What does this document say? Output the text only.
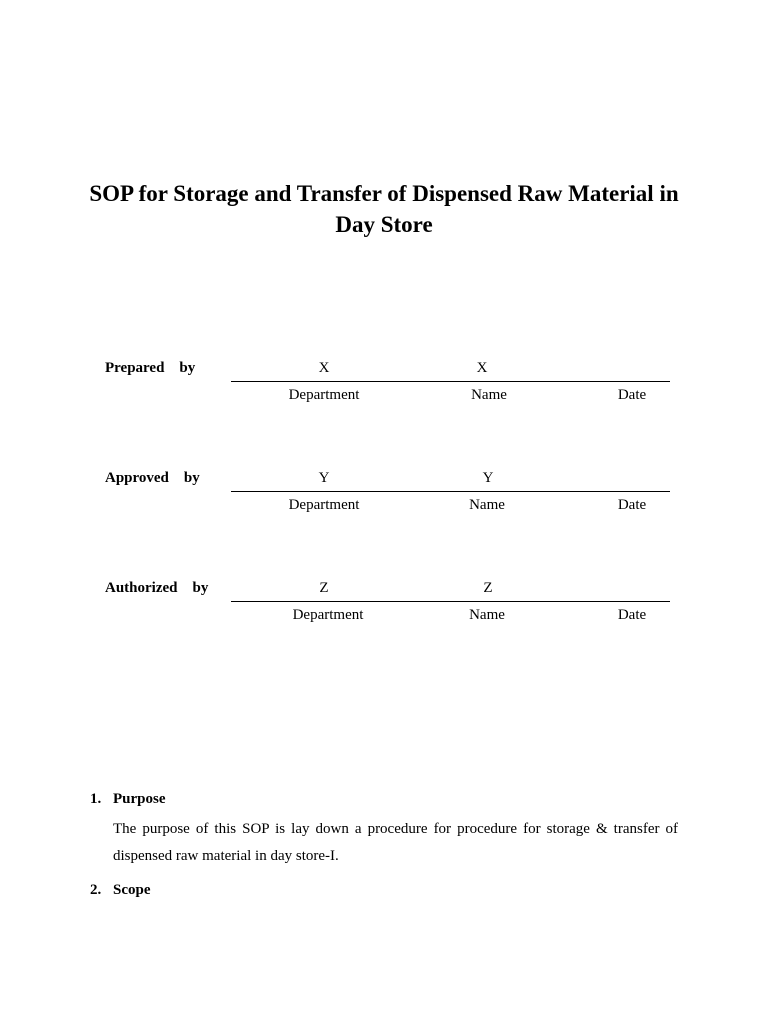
SOP for Storage and Transfer of Dispensed Raw Material in
Day Store
Prepared    by 	X	X
Department	Name	Date
Approved    by 	Y	Y
Department	Name	Date
Authorized    by 	Z	Z
Department	Name	Date
1. Purpose
The purpose of this SOP is lay down a procedure for procedure for storage & transfer of dispensed raw material in day store-I.
2. Scope
